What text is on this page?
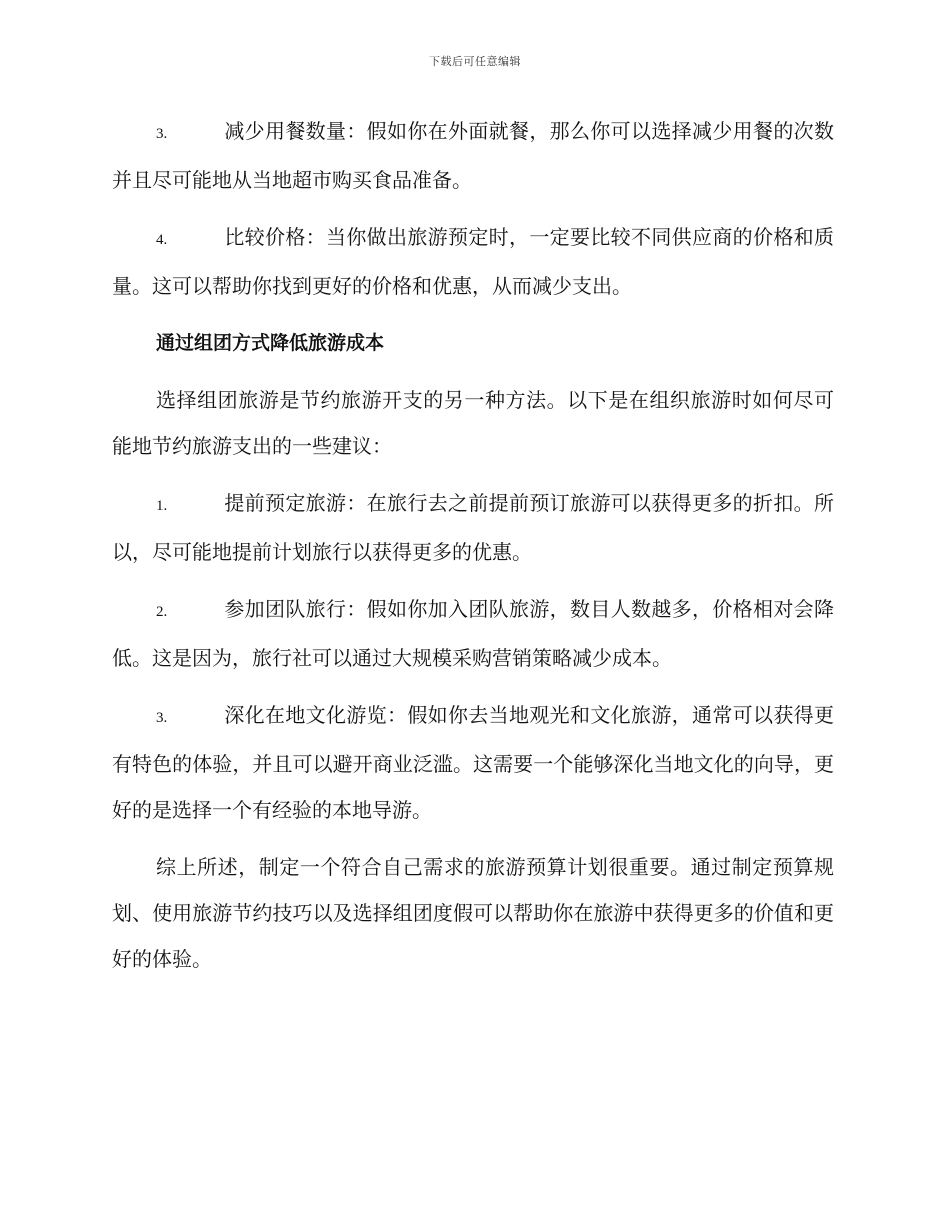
下载后可任意编辑

3.	减少用餐数量：假如你在外面就餐，那么你可以选择减少用餐的次数并且尽可能地从当地超市购买食品准备。

4.	比较价格：当你做出旅游预定时，一定要比较不同供应商的价格和质量。这可以帮助你找到更好的价格和优惠，从而减少支出。

通过组团方式降低旅游成本

选择组团旅游是节约旅游开支的另一种方法。以下是在组织旅游时如何尽可能地节约旅游支出的一些建议：

1.	提前预定旅游：在旅行去之前提前预订旅游可以获得更多的折扣。所以，尽可能地提前计划旅行以获得更多的优惠。

2.	参加团队旅行：假如你加入团队旅游，数目人数越多，价格相对会降低。这是因为，旅行社可以通过大规模采购营销策略减少成本。

3.	深化在地文化游览：假如你去当地观光和文化旅游，通常可以获得更有特色的体验，并且可以避开商业泛滥。这需要一个能够深化当地文化的向导，更好的是选择一个有经验的本地导游。

综上所述，制定一个符合自己需求的旅游预算计划很重要。通过制定预算规划、使用旅游节约技巧以及选择组团度假可以帮助你在旅游中获得更多的价值和更好的体验。
